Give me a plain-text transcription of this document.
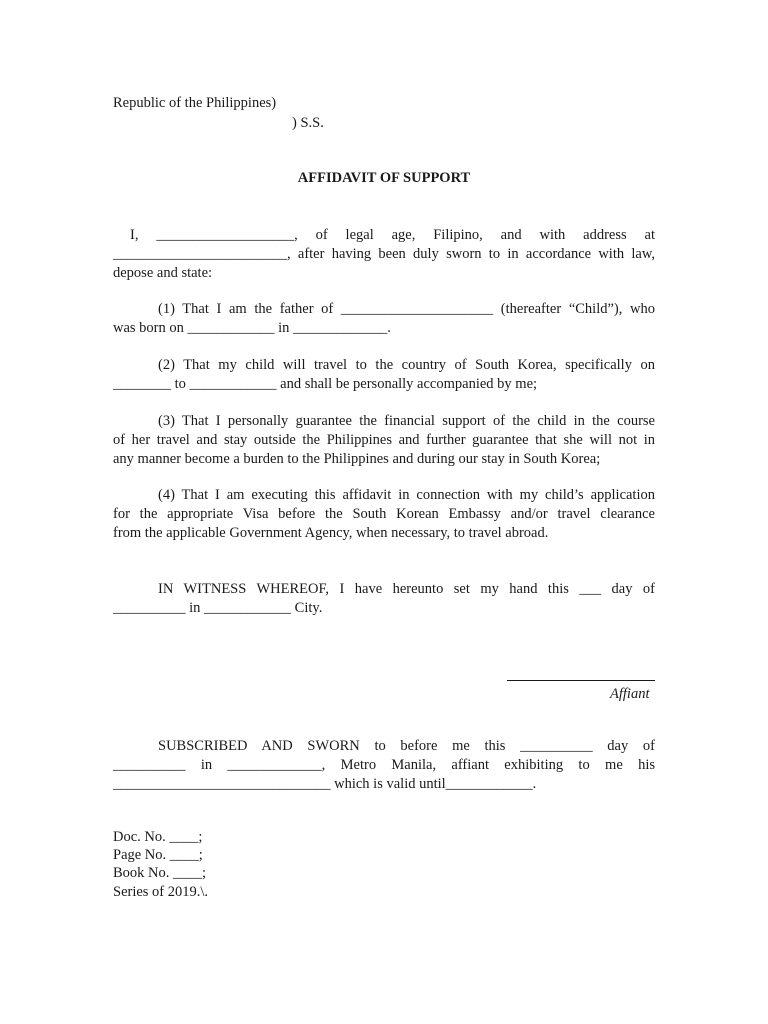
Republic of the Philippines)
) S.S.
AFFIDAVIT OF SUPPORT
I, ___________________, of legal age, Filipino, and with address at
________________________, after having been duly sworn to in accordance with law,
depose and state:
(1) That I am the father of _____________________ (thereafter “Child”), who
was born on ____________ in _____________.
(2) That my child will travel to the country of South Korea, specifically on
________ to ____________ and shall be personally accompanied by me;
(3) That I personally guarantee the financial support of the child in the course
of her travel and stay outside the Philippines and further guarantee that she will not in
any manner become a burden to the Philippines and during our stay in South Korea;
(4) That I am executing this affidavit in connection with my child’s application
for the appropriate Visa before the South Korean Embassy and/or travel clearance
from the applicable Government Agency, when necessary, to travel abroad.
IN WITNESS WHEREOF, I have hereunto set my hand this ___ day of
__________ in ____________ City.
Affiant
SUBSCRIBED AND SWORN to before me this __________ day of
__________ in _____________, Metro Manila, affiant exhibiting to me his
______________________________ which is valid until____________.
Doc. No. ____;
Page No. ____;
Book No. ____;
Series of 2019.\.
